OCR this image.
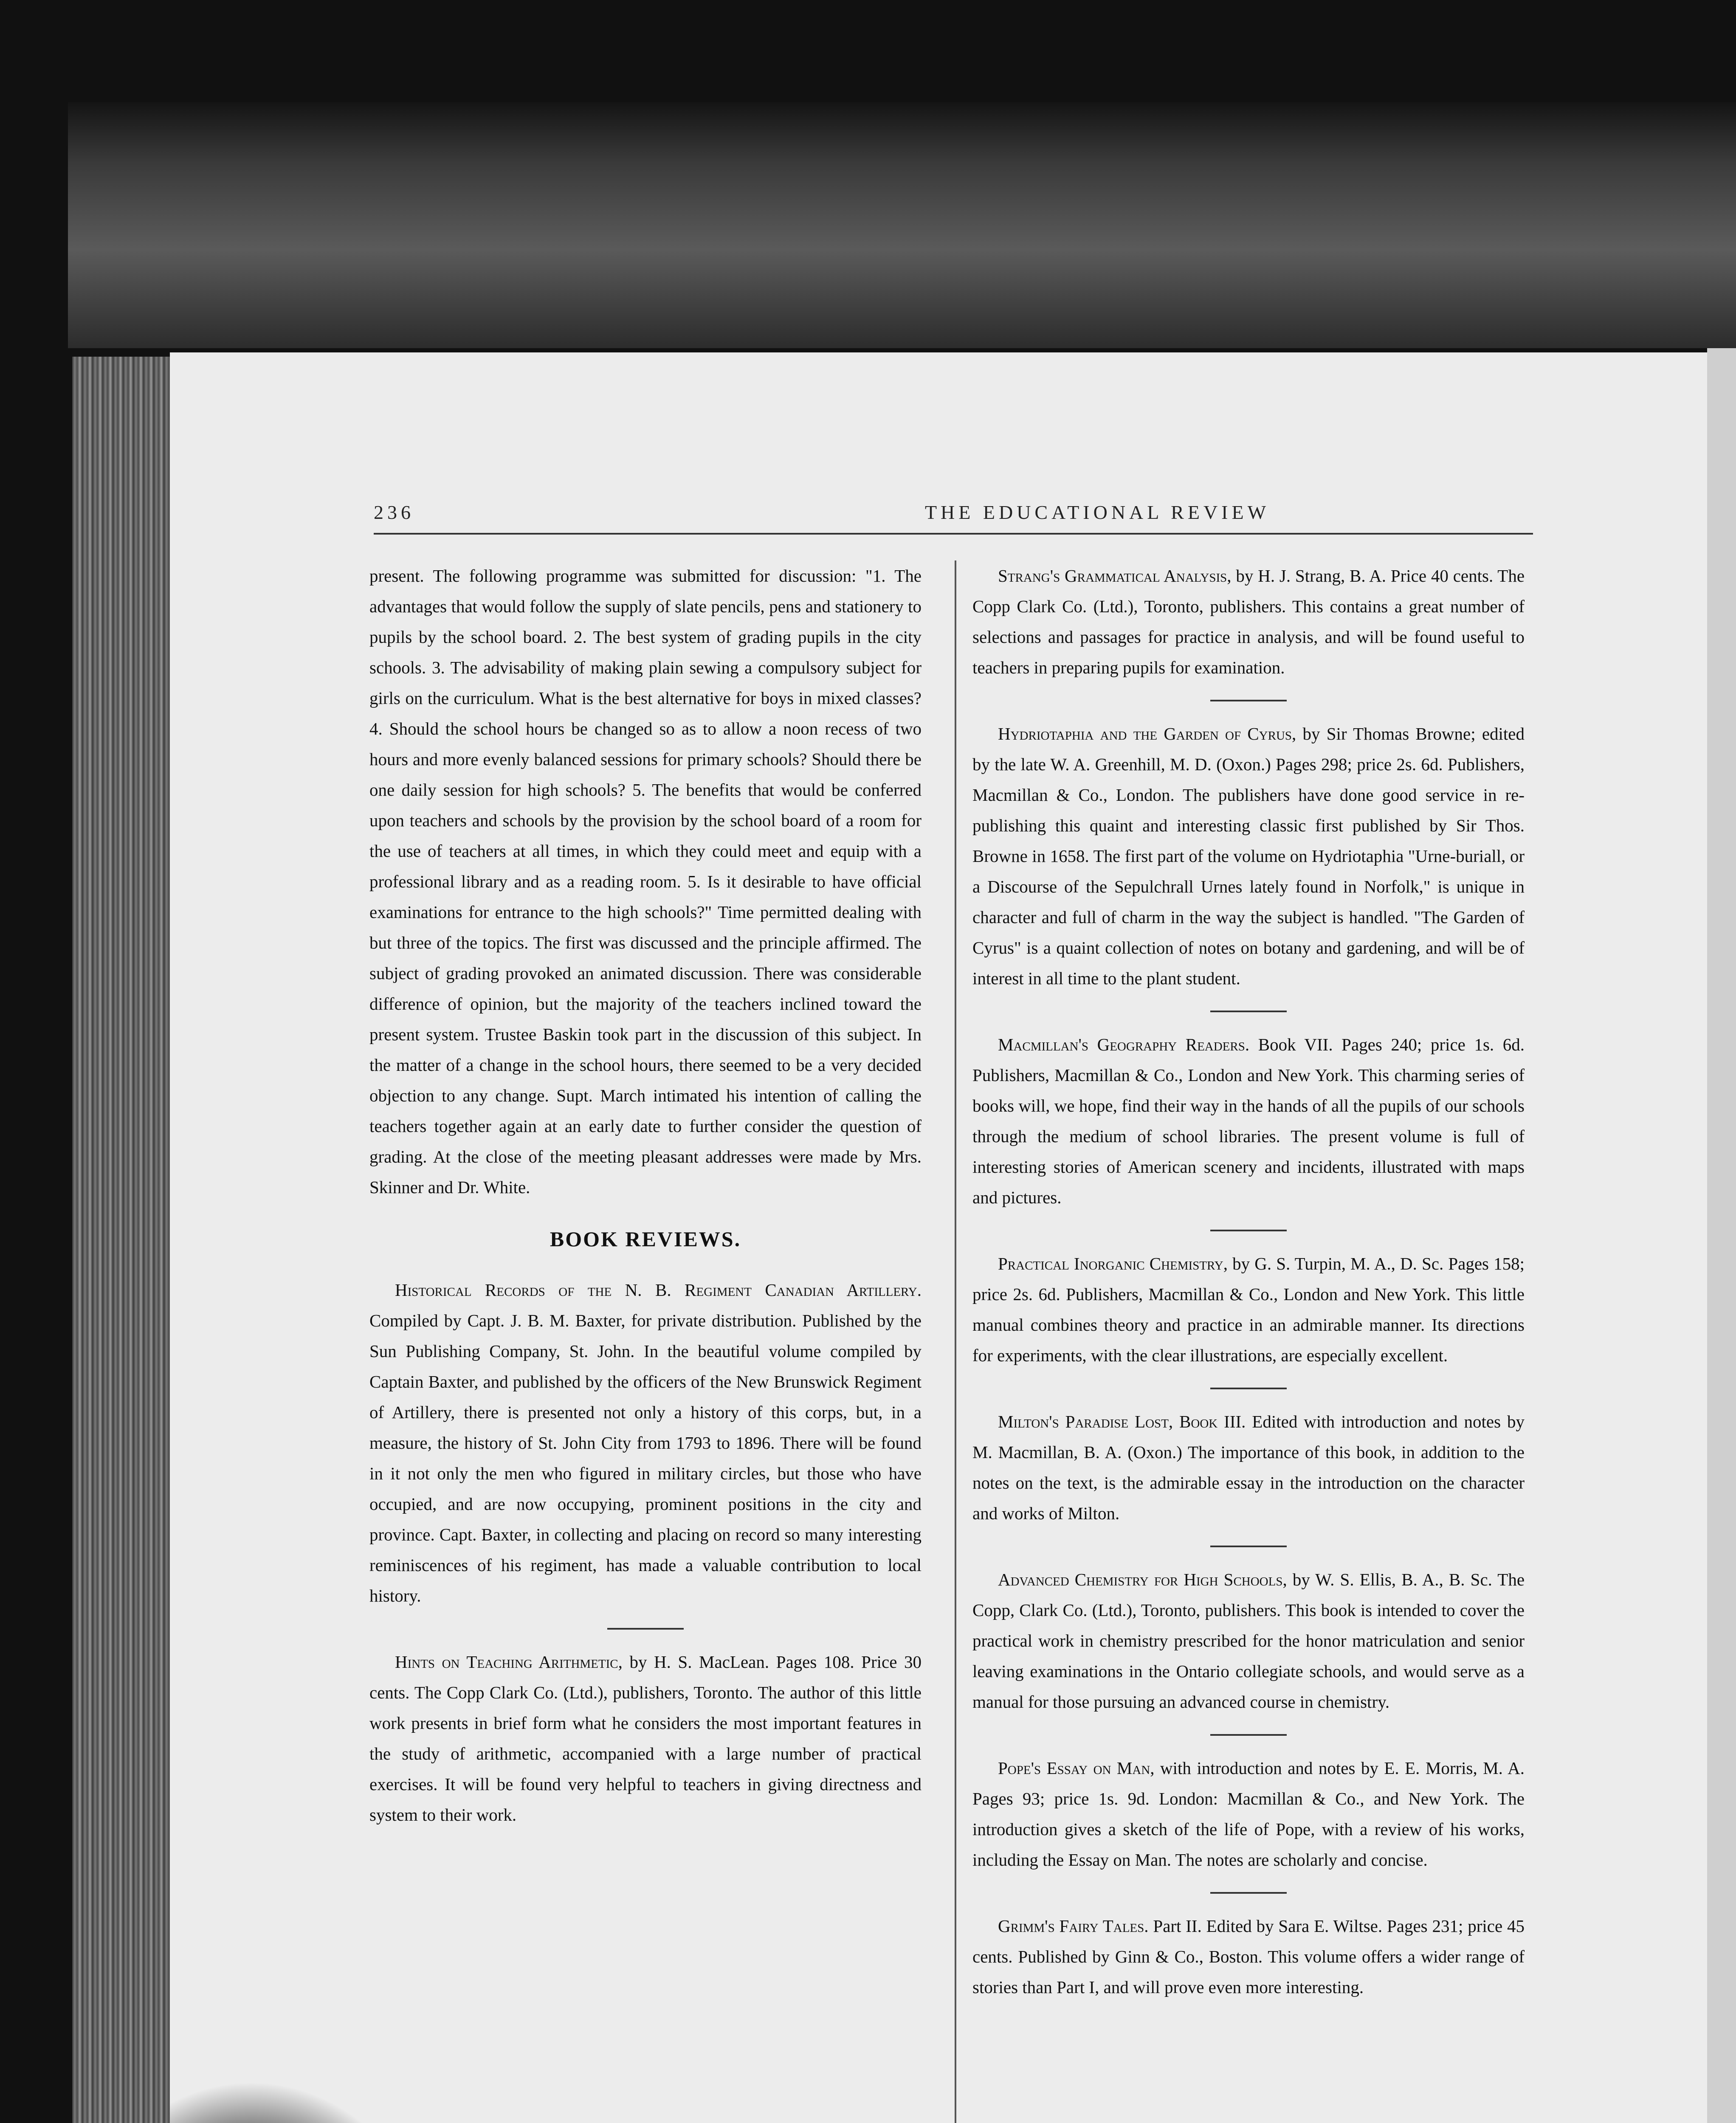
236	THE EDUCATIONAL REVIEW

present. The following programme was submitted for discussion: "1. The advantages that would follow the supply of slate pencils, pens and stationery to pupils by the school board. 2. The best system of grading pupils in the city schools. 3. The advisability of making plain sewing a compulsory subject for girls on the curriculum. What is the best alternative for boys in mixed classes? 4. Should the school hours be changed so as to allow a noon recess of two hours and more evenly balanced sessions for primary schools? Should there be one daily session for high schools? 5. The benefits that would be conferred upon teachers and schools by the provision by the school board of a room for the use of teachers at all times, in which they could meet and equip with a professional library and as a reading room. 5. Is it desirable to have official examinations for entrance to the high schools?" Time permitted dealing with but three of the topics. The first was discussed and the principle affirmed. The subject of grading provoked an animated discussion. There was considerable difference of opinion, but the majority of the teachers inclined toward the present system. Trustee Baskin took part in the discussion of this subject. In the matter of a change in the school hours, there seemed to be a very decided objection to any change. Supt. March intimated his intention of calling the teachers together again at an early date to further consider the question of grading. At the close of the meeting pleasant addresses were made by Mrs. Skinner and Dr. White.

BOOK REVIEWS.

Historical Records of the N. B. Regiment Canadian Artillery. Compiled by Capt. J. B. M. Baxter, for private distribution. Published by the Sun Publishing Company, St. John. In the beautiful volume compiled by Captain Baxter, and published by the officers of the New Brunswick Regiment of Artillery, there is presented not only a history of this corps, but, in a measure, the history of St. John City from 1793 to 1896. There will be found in it not only the men who figured in military circles, but those who have occupied, and are now occupying, prominent positions in the city and province. Capt. Baxter, in collecting and placing on record so many interesting reminiscences of his regiment, has made a valuable contribution to local history.

Hints on Teaching Arithmetic, by H. S. MacLean. Pages 108. Price 30 cents. The Copp Clark Co. (Ltd.), publishers, Toronto. The author of this little work presents in brief form what he considers the most important features in the study of arithmetic, accompanied with a large number of practical exercises. It will be found very helpful to teachers in giving directness and system to their work.

Strang's Grammatical Analysis, by H. J. Strang, B. A. Price 40 cents. The Copp Clark Co. (Ltd.), Toronto, publishers. This contains a great number of selections and passages for practice in analysis, and will be found useful to teachers in preparing pupils for examination.

Hydriotaphia and the Garden of Cyrus, by Sir Thomas Browne; edited by the late W. A. Greenhill, M. D. (Oxon.) Pages 298; price 2s. 6d. Publishers, Macmillan & Co., London. The publishers have done good service in re-publishing this quaint and interesting classic first published by Sir Thos. Browne in 1658. The first part of the volume on Hydriotaphia "Urne-buriall, or a Discourse of the Sepulchrall Urnes lately found in Norfolk," is unique in character and full of charm in the way the subject is handled. "The Garden of Cyrus" is a quaint collection of notes on botany and gardening, and will be of interest in all time to the plant student.

Macmillan's Geography Readers. Book VII. Pages 240; price 1s. 6d. Publishers, Macmillan & Co., London and New York. This charming series of books will, we hope, find their way in the hands of all the pupils of our schools through the medium of school libraries. The present volume is full of interesting stories of American scenery and incidents, illustrated with maps and pictures.

Practical Inorganic Chemistry, by G. S. Turpin, M. A., D. Sc. Pages 158; price 2s. 6d. Publishers, Macmillan & Co., London and New York. This little manual combines theory and practice in an admirable manner. Its directions for experiments, with the clear illustrations, are especially excellent.

Milton's Paradise Lost, Book III. Edited with introduction and notes by M. Macmillan, B. A. (Oxon.) The importance of this book, in addition to the notes on the text, is the admirable essay in the introduction on the character and works of Milton.

Advanced Chemistry for High Schools, by W. S. Ellis, B. A., B. Sc. The Copp, Clark Co. (Ltd.), Toronto, publishers. This book is intended to cover the practical work in chemistry prescribed for the honor matriculation and senior leaving examinations in the Ontario collegiate schools, and would serve as a manual for those pursuing an advanced course in chemistry.

Pope's Essay on Man, with introduction and notes by E. E. Morris, M. A. Pages 93; price 1s. 9d. London: Macmillan & Co., and New York. The introduction gives a sketch of the life of Pope, with a review of his works, including the Essay on Man. The notes are scholarly and concise.

Grimm's Fairy Tales. Part II. Edited by Sara E. Wiltse. Pages 231; price 45 cents. Published by Ginn & Co., Boston. This volume offers a wider range of stories than Part I, and will prove even more interesting.
